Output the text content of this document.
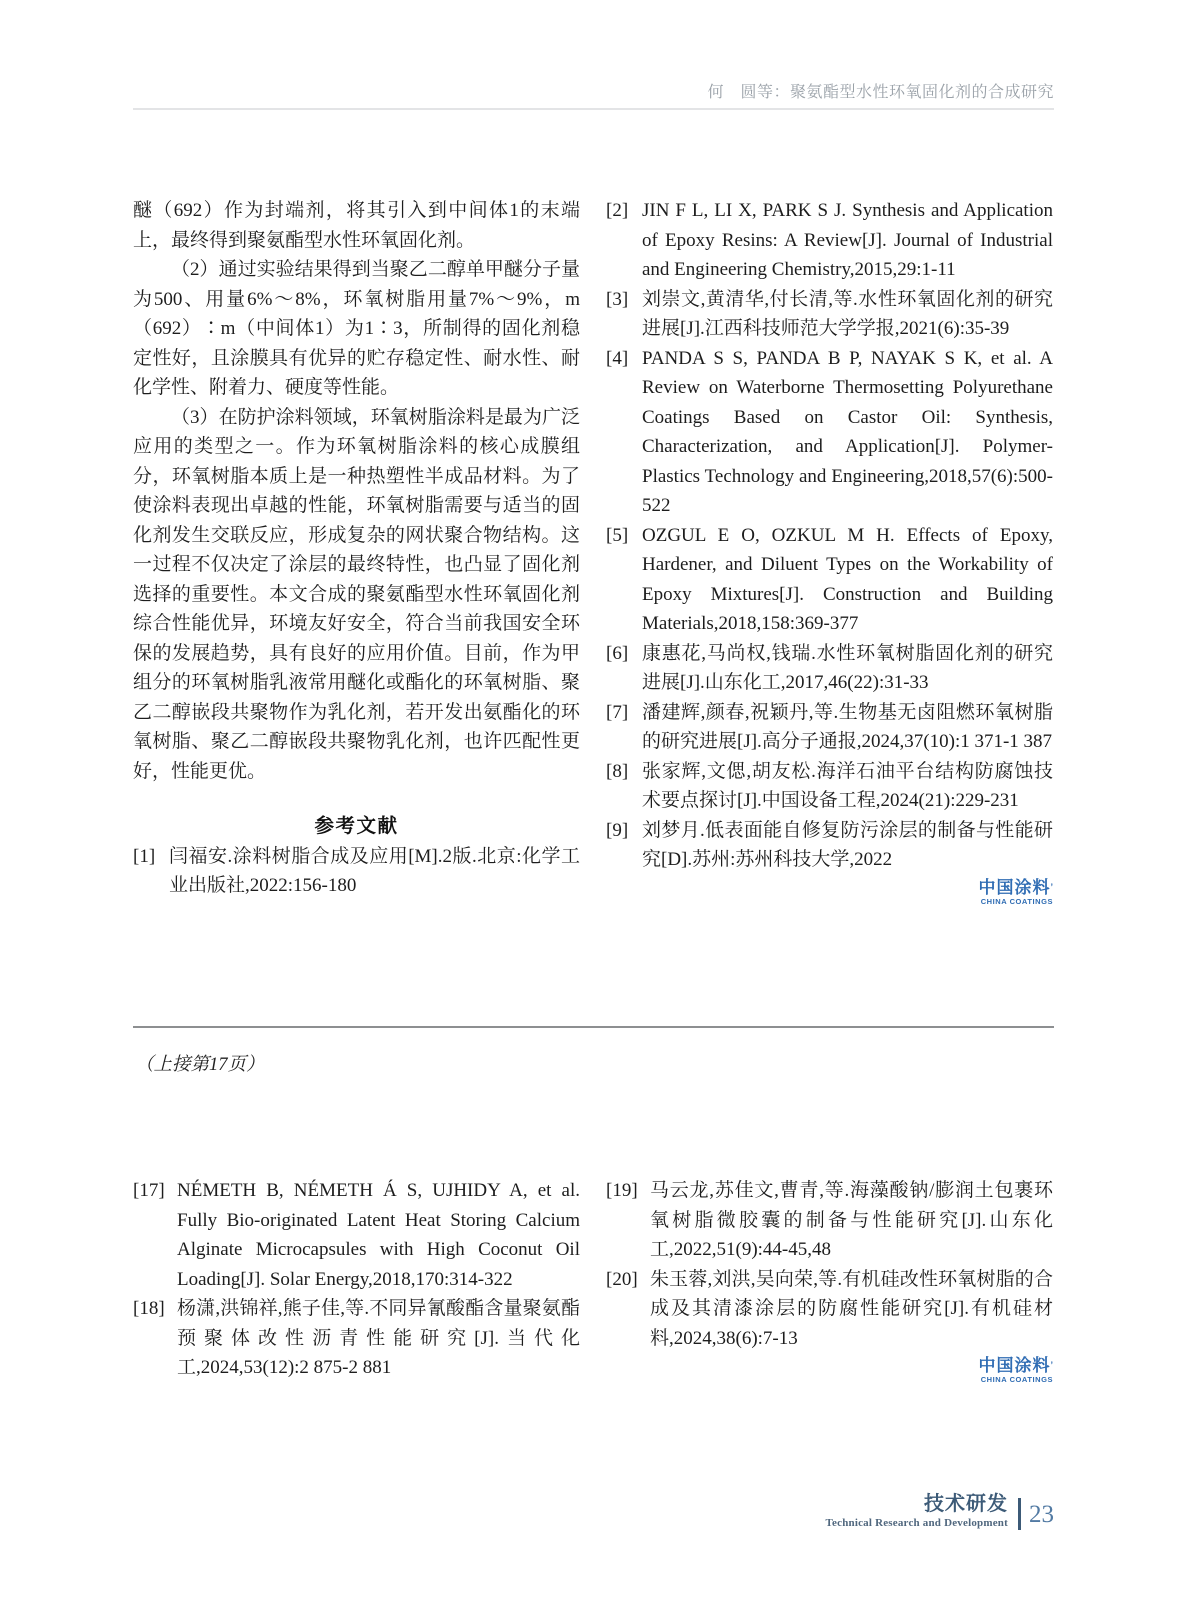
何　圆等：聚氨酯型水性环氧固化剂的合成研究

醚（692）作为封端剂，将其引入到中间体1的末端上，最终得到聚氨酯型水性环氧固化剂。

（2）通过实验结果得到当聚乙二醇单甲醚分子量为500、用量6%～8%，环氧树脂用量7%～9%，m（692）∶m（中间体1）为1∶3，所制得的固化剂稳定性好，且涂膜具有优异的贮存稳定性、耐水性、耐化学性、附着力、硬度等性能。

（3）在防护涂料领域，环氧树脂涂料是最为广泛应用的类型之一。作为环氧树脂涂料的核心成膜组分，环氧树脂本质上是一种热塑性半成品材料。为了使涂料表现出卓越的性能，环氧树脂需要与适当的固化剂发生交联反应，形成复杂的网状聚合物结构。这一过程不仅决定了涂层的最终特性，也凸显了固化剂选择的重要性。本文合成的聚氨酯型水性环氧固化剂综合性能优异，环境友好安全，符合当前我国安全环保的发展趋势，具有良好的应用价值。目前，作为甲组分的环氧树脂乳液常用醚化或酯化的环氧树脂、聚乙二醇嵌段共聚物作为乳化剂，若开发出氨酯化的环氧树脂、聚乙二醇嵌段共聚物乳化剂，也许匹配性更好，性能更优。

参考文献
[1] 闫福安.涂料树脂合成及应用[M].2版.北京:化学工业出版社,2022:156-180
[2] JIN F L, LI X, PARK S J. Synthesis and Application of Epoxy Resins: A Review[J]. Journal of Industrial and Engineering Chemistry,2015,29:1-11
[3] 刘崇文,黄清华,付长清,等.水性环氧固化剂的研究进展[J].江西科技师范大学学报,2021(6):35-39
[4] PANDA S S, PANDA B P, NAYAK S K, et al. A Review on Waterborne Thermosetting Polyurethane Coatings Based on Castor Oil: Synthesis, Characterization, and Application[J]. Polymer-Plastics Technology and Engineering,2018,57(6):500-522
[5] OZGUL E O, OZKUL M H. Effects of Epoxy, Hardener, and Diluent Types on the Workability of Epoxy Mixtures[J]. Construction and Building Materials,2018,158:369-377
[6] 康惠花,马尚权,钱瑞.水性环氧树脂固化剂的研究进展[J].山东化工,2017,46(22):31-33
[7] 潘建辉,颜春,祝颖丹,等.生物基无卤阻燃环氧树脂的研究进展[J].高分子通报,2024,37(10):1 371-1 387
[8] 张家辉,文偲,胡友松.海洋石油平台结构防腐蚀技术要点探讨[J].中国设备工程,2024(21):229-231
[9] 刘梦月.低表面能自修复防污涂层的制备与性能研究[D].苏州:苏州科技大学,2022
中国涂料’
CHINA COATINGS
（上接第17页）
[17] NÉMETH B, NÉMETH Á S, UJHIDY A, et al. Fully Bio-originated Latent Heat Storing Calcium Alginate Microcapsules with High Coconut Oil Loading[J]. Solar Energy,2018,170:314-322
[18] 杨潇,洪锦祥,熊子佳,等.不同异氰酸酯含量聚氨酯预聚体改性沥青性能研究[J].当代化工,2024,53(12):2 875-2 881
[19] 马云龙,苏佳文,曹青,等.海藻酸钠/膨润土包裹环氧树脂微胶囊的制备与性能研究[J].山东化工,2022,51(9):44-45,48
[20] 朱玉蓉,刘洪,吴向荣,等.有机硅改性环氧树脂的合成及其清漆涂层的防腐性能研究[J].有机硅材料,2024,38(6):7-13
中国涂料’
CHINA COATINGS
技术研发
Technical Research and Development 23
